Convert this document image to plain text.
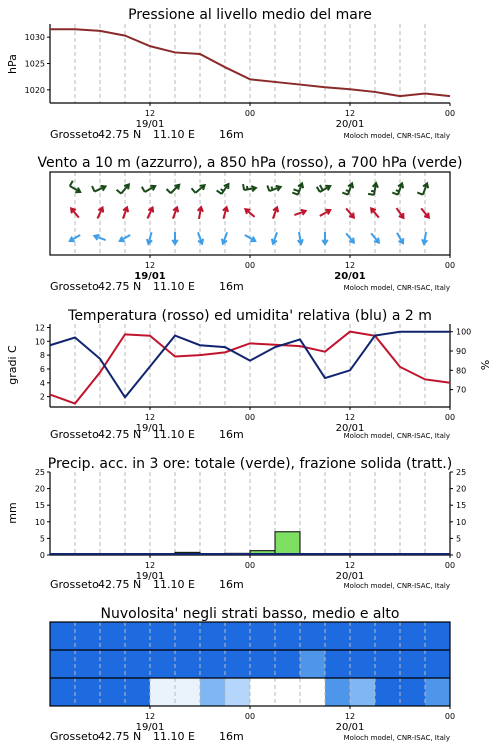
Pressione al livello medio del mare
1020
1025
1030
hPa
12	00	12	00
19/01	20/01
Grosseto 42.75 N 11.10 E 16m	Moloch model, CNR-ISAC, Italy
Vento a 10 m (azzurro), a 850 hPa (rosso), a 700 hPa (verde)
12	00	12	00
19/01	20/01
Grosseto 42.75 N 11.10 E 16m	Moloch model, CNR-ISAC, Italy
Temperatura (rosso) ed umidita' relativa (blu) a 2 m
2
4
6
8
10
12
70
80
90
100
gradi C	%
12	00	12	00
19/01	20/01
Grosseto 42.75 N 11.10 E 16m	Moloch model, CNR-ISAC, Italy
Precip. acc. in 3 ore: totale (verde), frazione solida (tratt.)
0	0
5	5
10	10
15	15
20	20
25	25
mm
12	00	12	00
19/01	20/01
Grosseto 42.75 N 11.10 E 16m	Moloch model, CNR-ISAC, Italy
Nuvolosita' negli strati basso, medio e alto
12	00	12	00
19/01	20/01
Grosseto 42.75 N 11.10 E 16m	Moloch model, CNR-ISAC, Italy
